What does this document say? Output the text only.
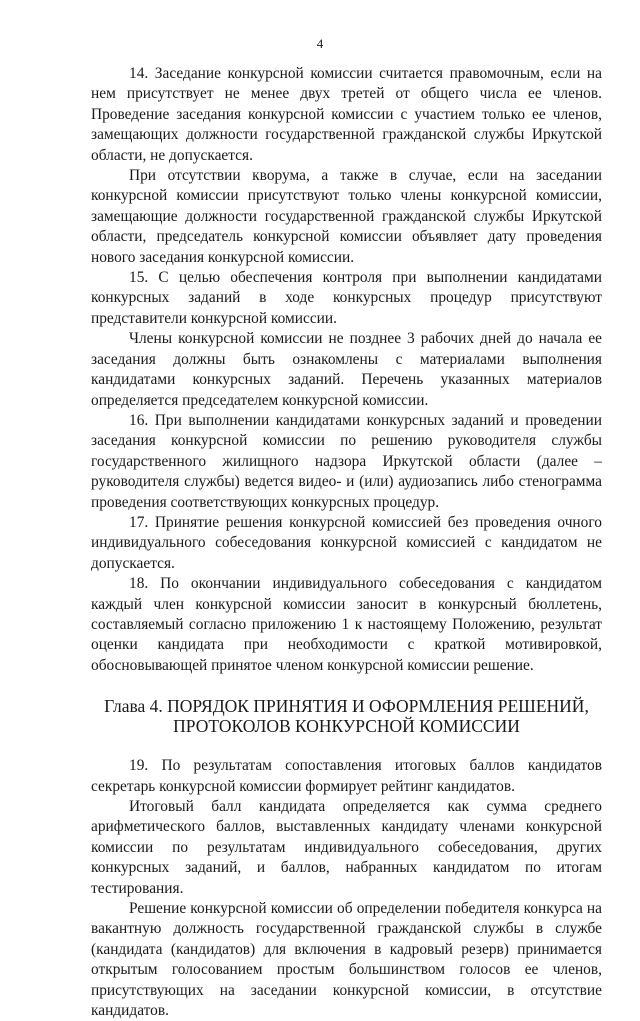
4

14. Заседание конкурсной комиссии считается правомочным, если на нем присутствует не менее двух третей от общего числа ее членов. Проведение заседания конкурсной комиссии с участием только ее членов, замещающих должности государственной гражданской службы Иркутской области, не допускается.

При отсутствии кворума, а также в случае, если на заседании конкурсной комиссии присутствуют только члены конкурсной комиссии, замещающие должности государственной гражданской службы Иркутской области, председатель конкурсной комиссии объявляет дату проведения нового заседания конкурсной комиссии.

15. С целью обеспечения контроля при выполнении кандидатами конкурсных заданий в ходе конкурсных процедур присутствуют представители конкурсной комиссии.

Члены конкурсной комиссии не позднее 3 рабочих дней до начала ее заседания должны быть ознакомлены с материалами выполнения кандидатами конкурсных заданий. Перечень указанных материалов определяется председателем конкурсной комиссии.

16. При выполнении кандидатами конкурсных заданий и проведении заседания конкурсной комиссии по решению руководителя службы государственного жилищного надзора Иркутской области (далее – руководителя службы) ведется видео- и (или) аудиозапись либо стенограмма проведения соответствующих конкурсных процедур.

17. Принятие решения конкурсной комиссией без проведения очного индивидуального собеседования конкурсной комиссией с кандидатом не допускается.

18. По окончании индивидуального собеседования с кандидатом каждый член конкурсной комиссии заносит в конкурсный бюллетень, составляемый согласно приложению 1 к настоящему Положению, результат оценки кандидата при необходимости с краткой мотивировкой, обосновывающей принятое членом конкурсной комиссии решение.

Глава 4. ПОРЯДОК ПРИНЯТИЯ И ОФОРМЛЕНИЯ РЕШЕНИЙ,
ПРОТОКОЛОВ КОНКУРСНОЙ КОМИССИИ

19. По результатам сопоставления итоговых баллов кандидатов секретарь конкурсной комиссии формирует рейтинг кандидатов.

Итоговый балл кандидата определяется как сумма среднего арифметического баллов, выставленных кандидату членами конкурсной комиссии по результатам индивидуального собеседования, других конкурсных заданий, и баллов, набранных кандидатом по итогам тестирования.

Решение конкурсной комиссии об определении победителя конкурса на вакантную должность государственной гражданской службы в службе (кандидата (кандидатов) для включения в кадровый резерв) принимается открытым голосованием простым большинством голосов ее членов, присутствующих на заседании конкурсной комиссии, в отсутствие кандидатов.
